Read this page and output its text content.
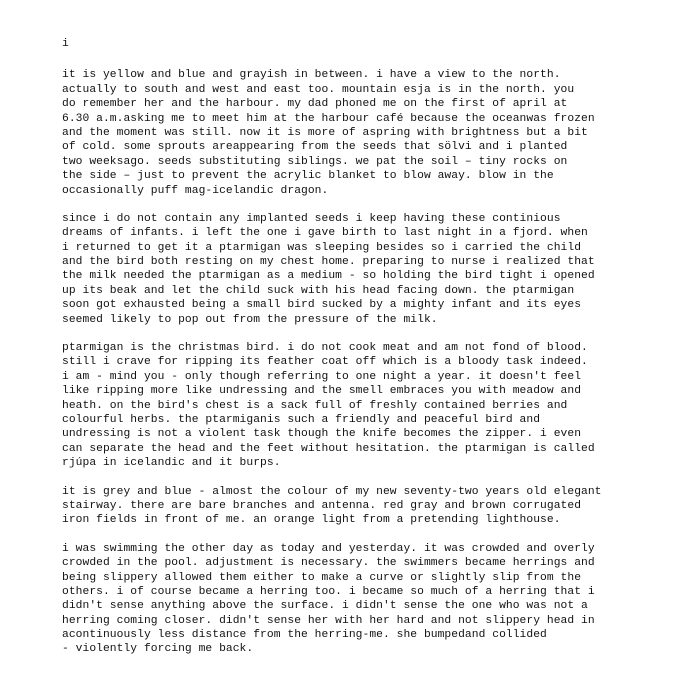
i
it is yellow and blue and grayish in between. i have a view to the north.
actually to south and west and east too. mountain esja is in the north. you
do remember her and the harbour. my dad phoned me on the first of april at
6.30 a.m.asking me to meet him at the harbour café because the oceanwas frozen
and the moment was still. now it is more of aspring with brightness but a bit
of cold. some sprouts areappearing from the seeds that sölvi and i planted
two weeksago. seeds substituting siblings. we pat the soil – tiny rocks on
the side – just to prevent the acrylic blanket to blow away. blow in the
occasionally puff mag-icelandic dragon.
since i do not contain any implanted seeds i keep having these continious
dreams of infants. i left the one i gave birth to last night in a fjord. when
i returned to get it a ptarmigan was sleeping besides so i carried the child
and the bird both resting on my chest home. preparing to nurse i realized that
the milk needed the ptarmigan as a medium - so holding the bird tight i opened
up its beak and let the child suck with his head facing down. the ptarmigan
soon got exhausted being a small bird sucked by a mighty infant and its eyes
seemed likely to pop out from the pressure of the milk.
ptarmigan is the christmas bird. i do not cook meat and am not fond of blood.
still i crave for ripping its feather coat off which is a bloody task indeed.
i am - mind you - only though referring to one night a year. it doesn't feel
like ripping more like undressing and the smell embraces you with meadow and
heath. on the bird's chest is a sack full of freshly contained berries and
colourful herbs. the ptarmiganis such a friendly and peaceful bird and
undressing is not a violent task though the knife becomes the zipper. i even
can separate the head and the feet without hesitation. the ptarmigan is called
rjúpa in icelandic and it burps.
it is grey and blue - almost the colour of my new seventy-two years old elegant
stairway. there are bare branches and antenna. red gray and brown corrugated
iron fields in front of me. an orange light from a pretending lighthouse.
i was swimming the other day as today and yesterday. it was crowded and overly
crowded in the pool. adjustment is necessary. the swimmers became herrings and
being slippery allowed them either to make a curve or slightly slip from the
others. i of course became a herring too. i became so much of a herring that i
didn't sense anything above the surface. i didn't sense the one who was not a
herring coming closer. didn't sense her with her hard and not slippery head in
acontinuously less distance from the herring-me. she bumpedand collided
- violently forcing me back.
